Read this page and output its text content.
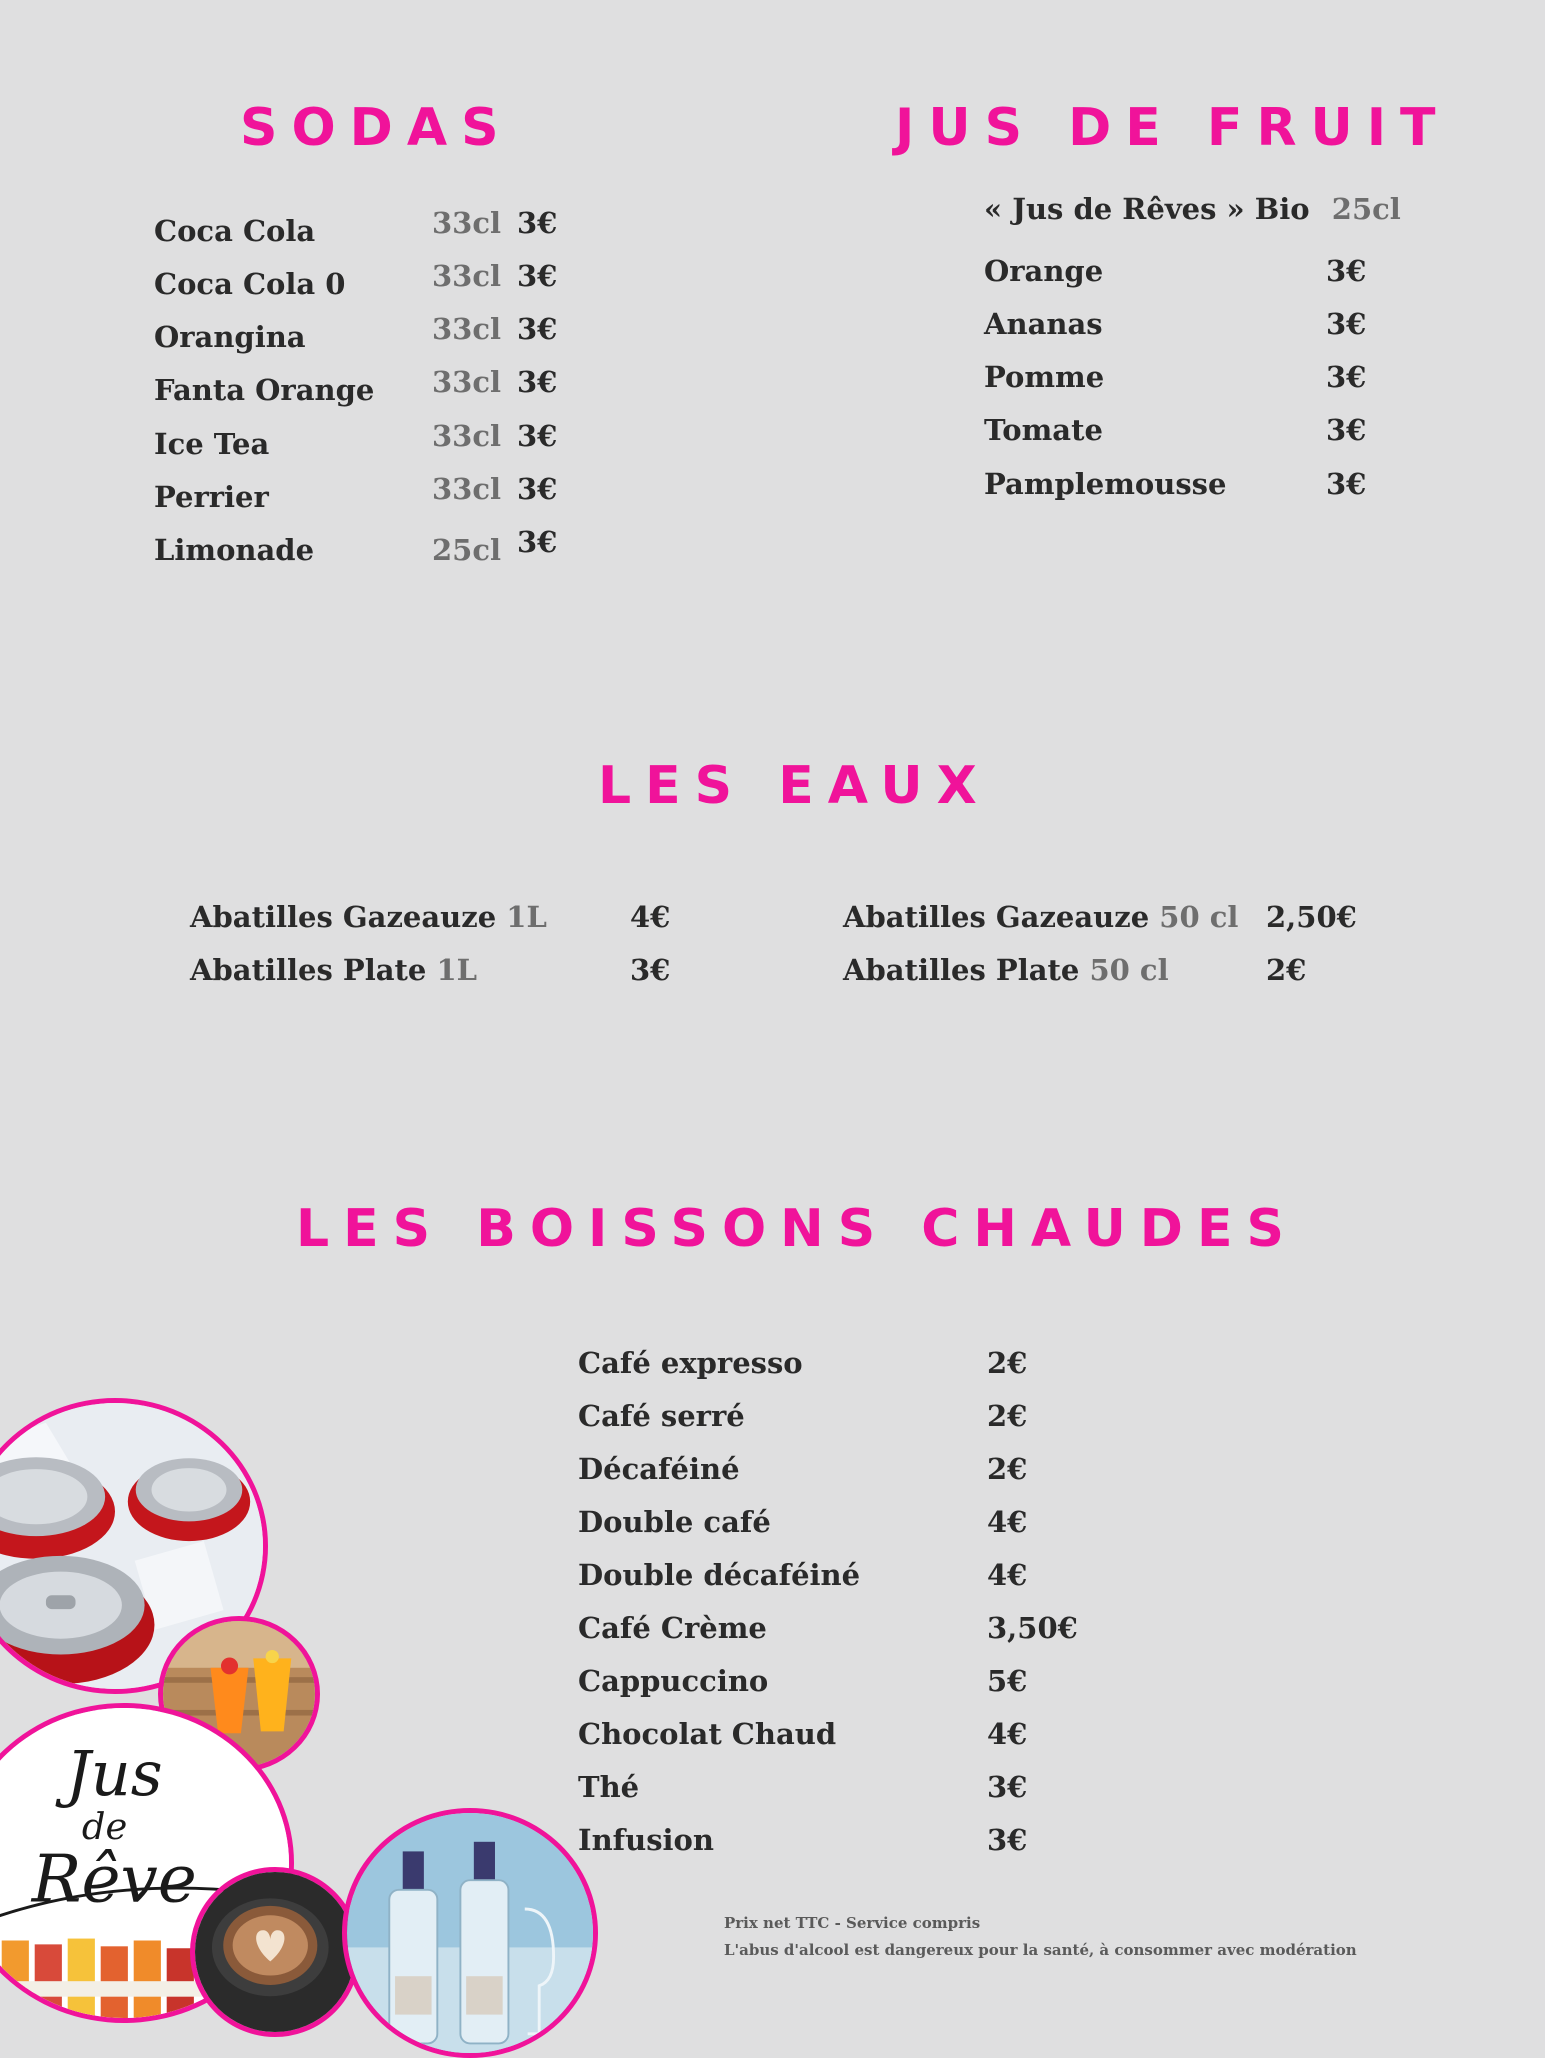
SODAS
Coca Cola	33cl 3€
Coca Cola 0	33cl 3€
Orangina	33cl 3€
Fanta Orange 33cl 3€
Ice Tea	33cl 3€
Perrier	33cl 3€
Limonade	25cl 3€
JUS DE FRUIT
« Jus de Rêves » Bio 25cl
Orange	3€
Ananas	3€
Pomme	3€
Tomate	3€
Pamplemousse	3€
LES EAUX
Abatilles Gazeauze 1L	4€
Abatilles Plate 1L	3€
Abatilles Gazeauze 50 cl 2,50€
Abatilles Plate 50 cl	2€
LES BOISSONS CHAUDES
Café expresso	2€
Café serré	2€
Décaféiné	2€
Double café	4€
Double décaféiné	4€
Café Crème	3,50€
Cappuccino	5€
Chocolat Chaud	4€
Thé	3€
Infusion	3€
Prix net TTC - Service compris
L'abus d'alcool est dangereux pour la santé, à consommer avec modération
Jus
de
Rêve
